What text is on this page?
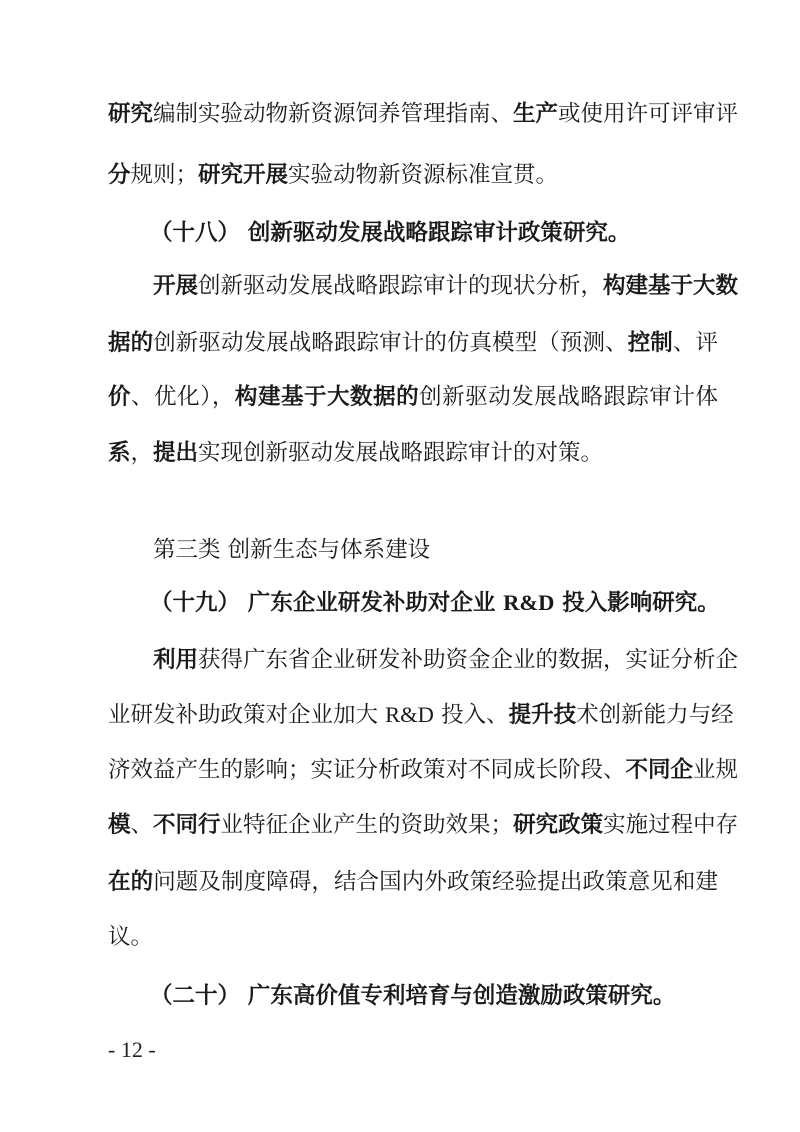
研究编制实验动物新资源饲养管理指南、生产或使用许可评审评
分规则；研究开展实验动物新资源标准宣贯。
（十八） 创新驱动发展战略跟踪审计政策研究。
开展创新驱动发展战略跟踪审计的现状分析，构建基于大数
据的创新驱动发展战略跟踪审计的仿真模型（预测、控制、评
价、优化），构建基于大数据的创新驱动发展战略跟踪审计体
系，提出实现创新驱动发展战略跟踪审计的对策。
第三类 创新生态与体系建设
（十九） 广东企业研发补助对企业 R&D 投入影响研究。
利用获得广东省企业研发补助资金企业的数据，实证分析企
业研发补助政策对企业加大 R&D 投入、提升技术创新能力与经
济效益产生的影响；实证分析政策对不同成长阶段、不同企业规
模、不同行业特征企业产生的资助效果；研究政策实施过程中存
在的问题及制度障碍，结合国内外政策经验提出政策意见和建
议。
（二十） 广东高价值专利培育与创造激励政策研究。
- 12 -
